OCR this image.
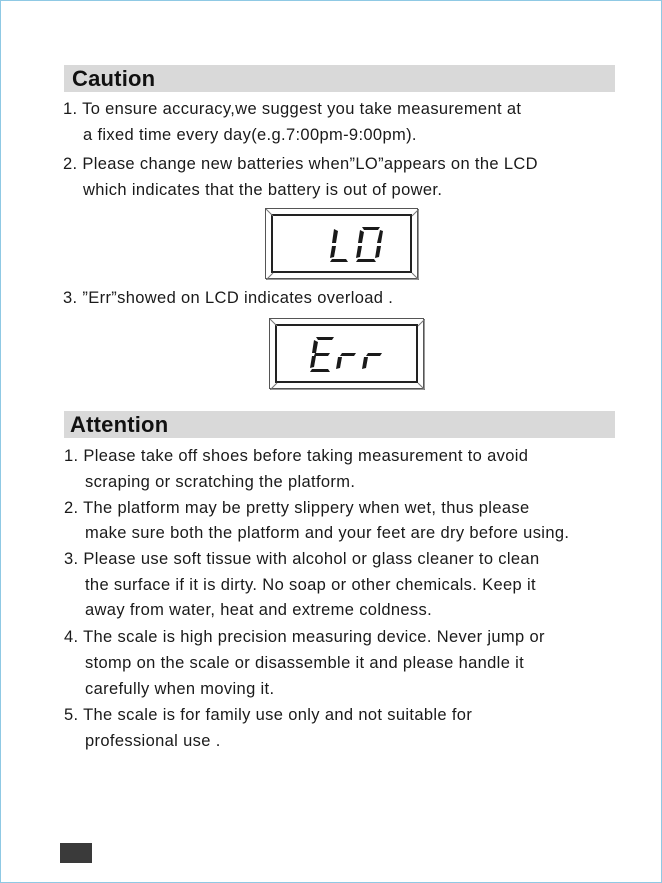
Caution
1. To ensure accuracy,we suggest you take measurement at
a fixed time every day(e.g.7:00pm-9:00pm).
2. Please change new batteries when”LO”appears on the LCD
which indicates that the battery is out of power.
3. ”Err”showed on LCD indicates overload .
Attention
1. Please take off shoes before taking measurement to avoid
scraping or scratching the platform.
2. The platform may be pretty slippery when wet, thus please
make sure both the platform and your feet are dry before using.
3. Please use soft tissue with alcohol or glass cleaner to clean
the surface if it is dirty. No soap or other chemicals. Keep it
away from water, heat and extreme coldness.
4. The scale is high precision measuring device. Never jump or
stomp on the scale or disassemble it and please handle it
carefully when moving it.
5. The scale is for family use only and not suitable for
professional use .
